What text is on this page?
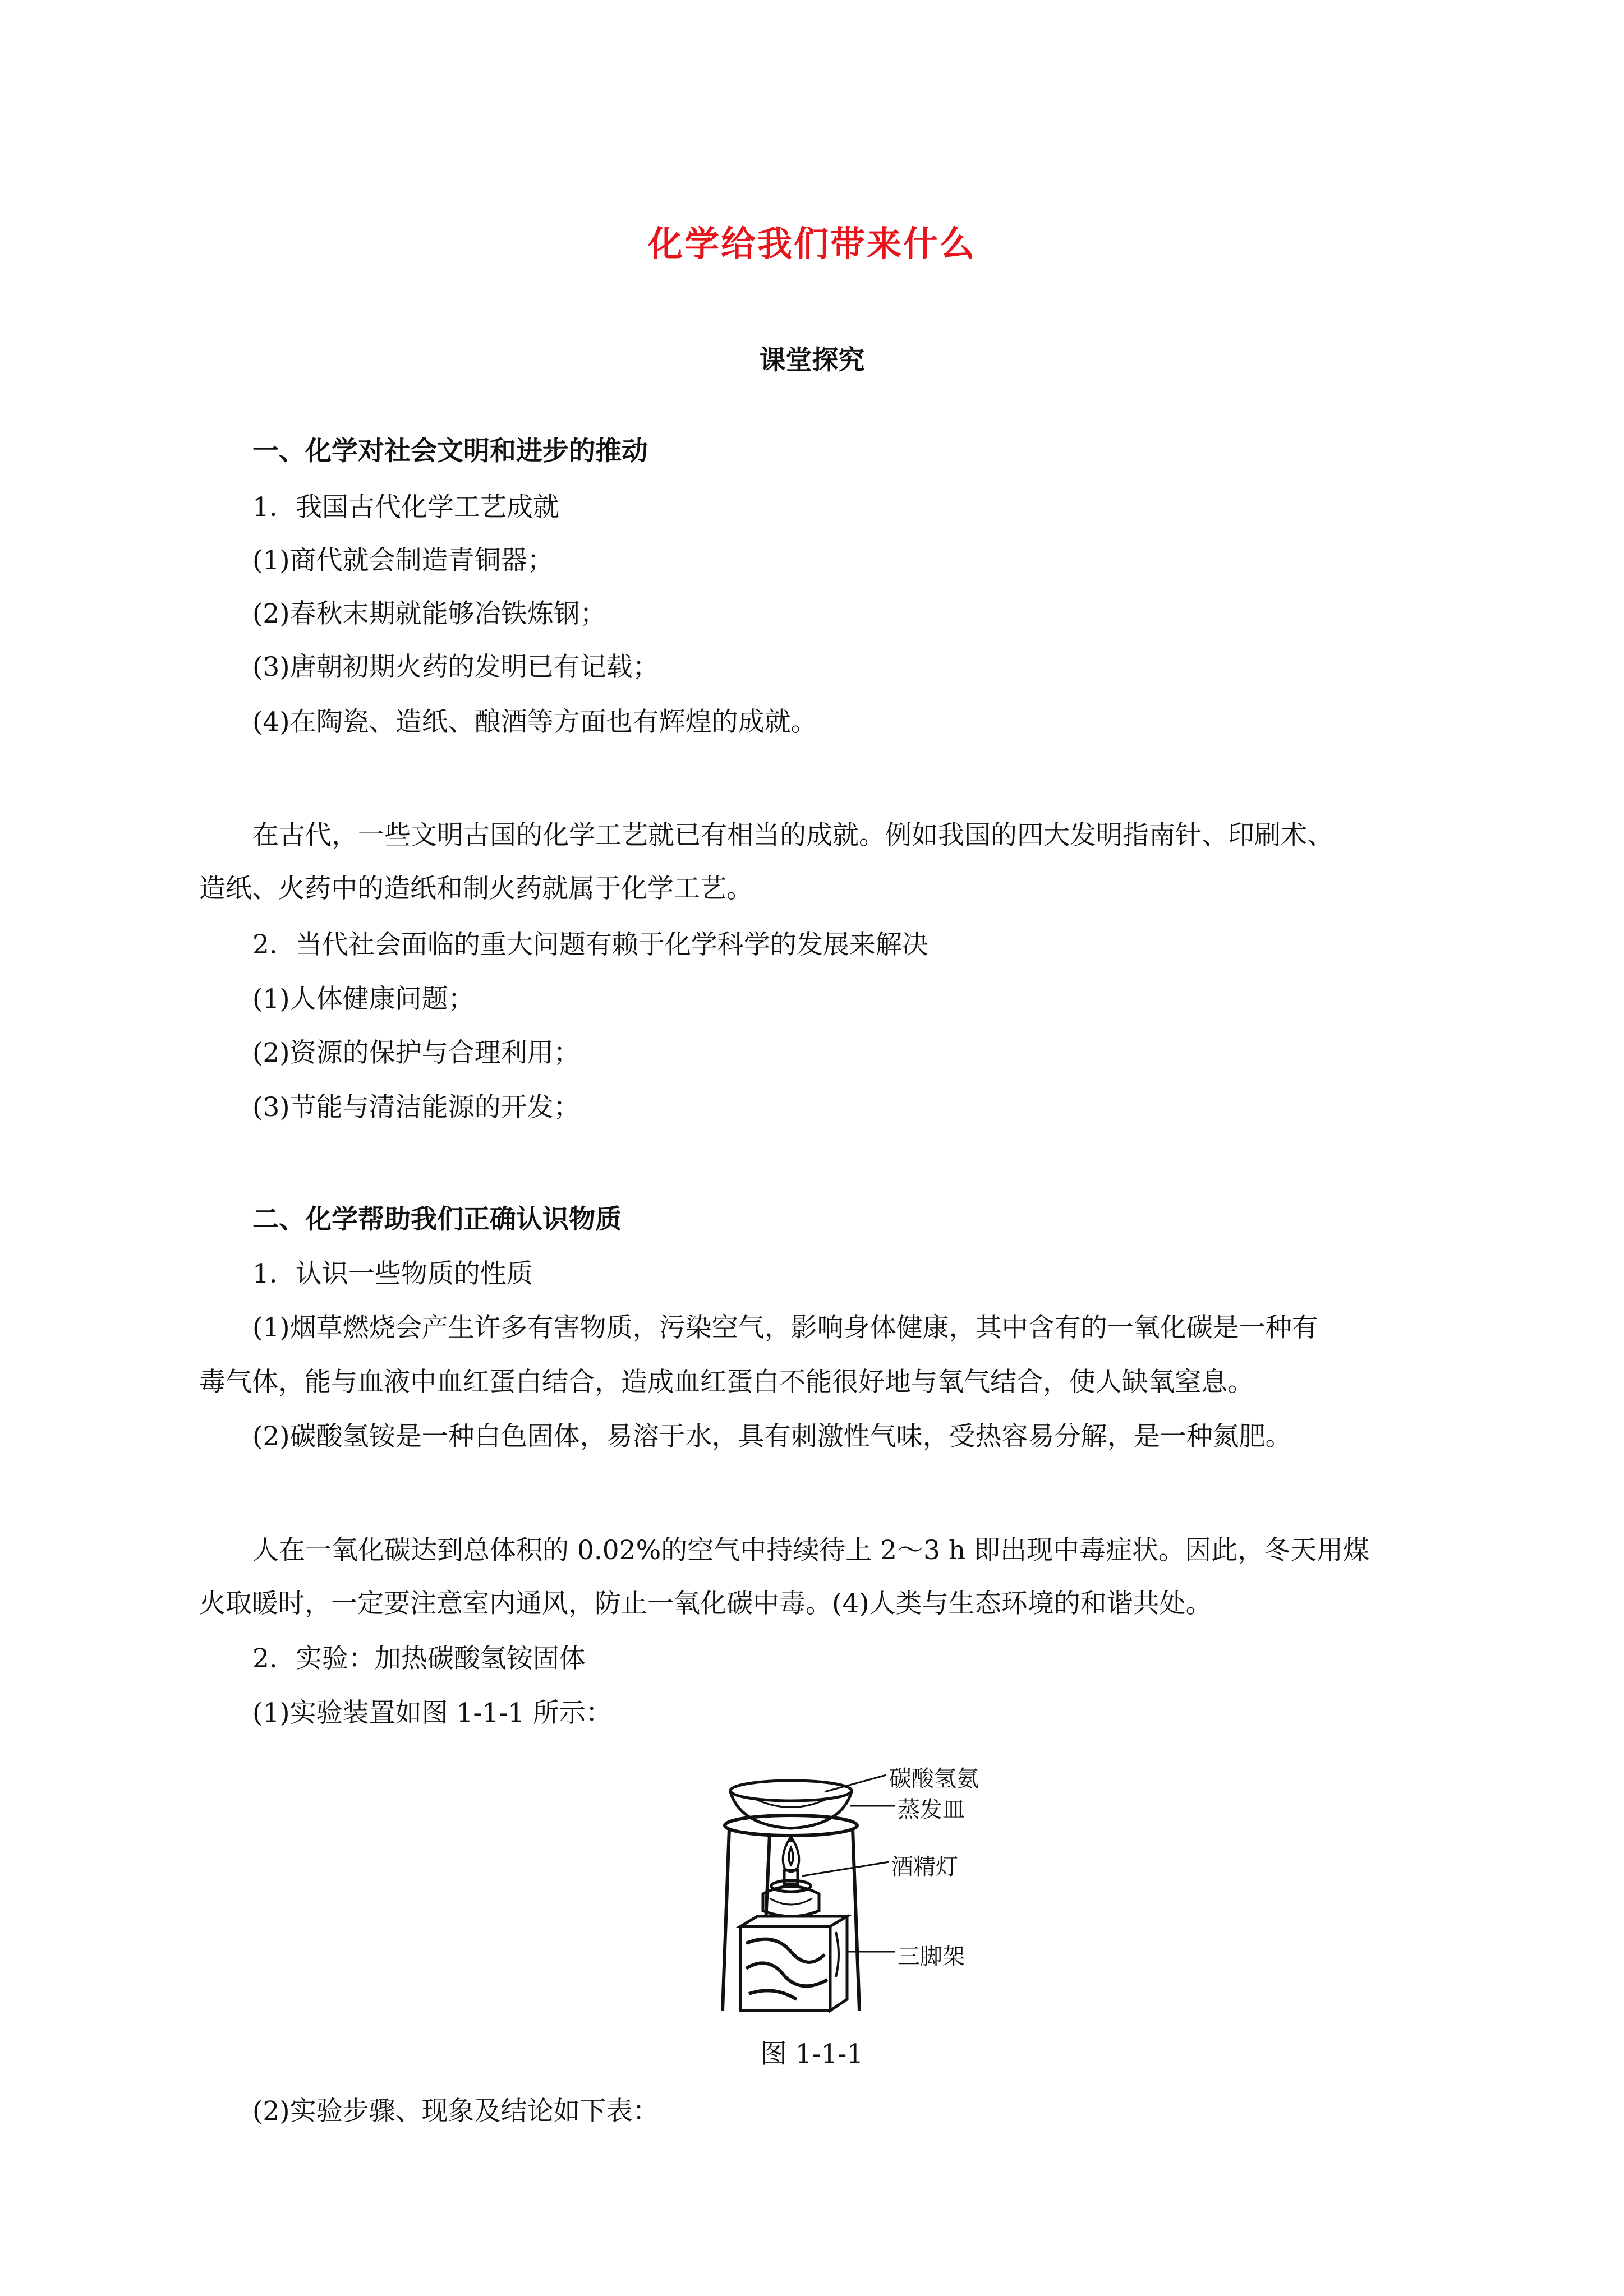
化学给我们带来什么
课堂探究
一、化学对社会文明和进步的推动
1．我国古代化学工艺成就
(1)商代就会制造青铜器；
(2)春秋末期就能够冶铁炼钢；
(3)唐朝初期火药的发明已有记载；
(4)在陶瓷、造纸、酿酒等方面也有辉煌的成就。
在古代，一些文明古国的化学工艺就已有相当的成就。例如我国的四大发明指南针、印刷术、
造纸、火药中的造纸和制火药就属于化学工艺。
2．当代社会面临的重大问题有赖于化学科学的发展来解决
(1)人体健康问题；
(2)资源的保护与合理利用；
(3)节能与清洁能源的开发；
二、化学帮助我们正确认识物质
1．认识一些物质的性质
(1)烟草燃烧会产生许多有害物质，污染空气，影响身体健康，其中含有的一氧化碳是一种有
毒气体，能与血液中血红蛋白结合，造成血红蛋白不能很好地与氧气结合，使人缺氧窒息。
(2)碳酸氢铵是一种白色固体，易溶于水，具有刺激性气味，受热容易分解，是一种氮肥。
人在一氧化碳达到总体积的 0.02%的空气中持续待上 2～3 h 即出现中毒症状。因此，冬天用煤
火取暖时，一定要注意室内通风，防止一氧化碳中毒。(4)人类与生态环境的和谐共处。
2．实验：加热碳酸氢铵固体
(1)实验装置如图 1-1-1 所示：
碳酸氢氨
蒸发皿
酒精灯
三脚架
图 1-1-1
(2)实验步骤、现象及结论如下表：
